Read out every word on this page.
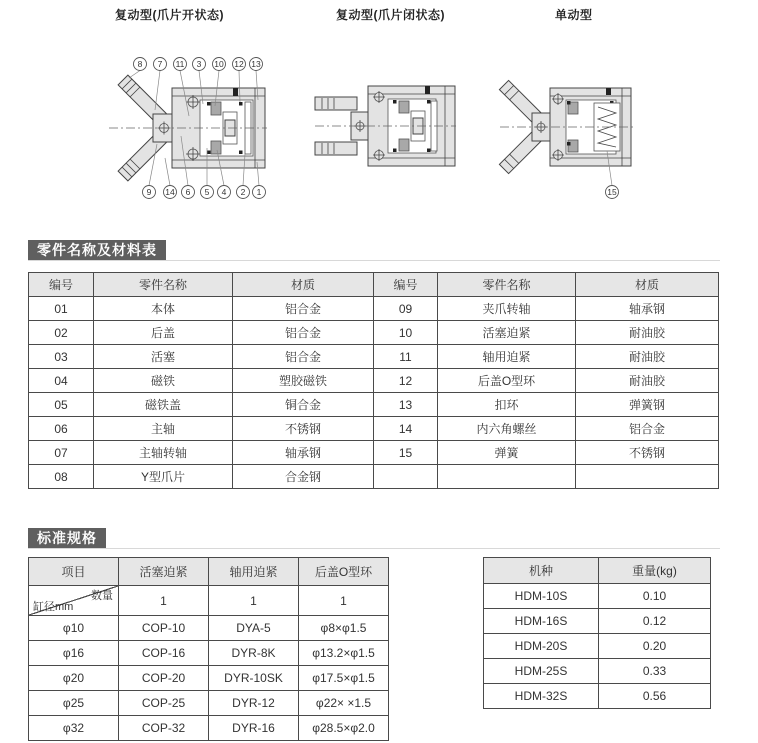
复动型(爪片开状态)	复动型(爪片闭状态)	单动型
8 7 11 3 10 12 13
9 14 6 5 4 2 1	15
零件名称及材料表
编号	零件名称	材质	编号	零件名称	材质
01	本体	铝合金	09	夹爪转轴	轴承钢
02	后盖	铝合金	10	活塞迫紧	耐油胶
03	活塞	铝合金	11	轴用迫紧	耐油胶
04	磁铁	塑胶磁铁	12	后盖O型环	耐油胶
05	磁铁盖	铜合金	13	扣环	弹簧钢
06	主轴	不锈钢	14	内六角螺丝	铝合金
07	主轴转轴	轴承钢	15	弹簧	不锈钢
08	Y型爪片	合金钢			
标准规格
项目	活塞迫紧	轴用迫紧	后盖O型环

数量
缸径mm	1	1	1
φ10	COP-10	DYA-5	φ8×φ1.5
φ16	COP-16	DYR-8K	φ13.2×φ1.5
φ20	COP-20	DYR-10SK	φ17.5×φ1.5
φ25	COP-25	DYR-12	φ22× ×1.5
φ32	COP-32	DYR-16	φ28.5×φ2.0
机种	重量(kg)
HDM-10S	0.10
HDM-16S	0.12
HDM-20S	0.20
HDM-25S	0.33
HDM-32S	0.56
